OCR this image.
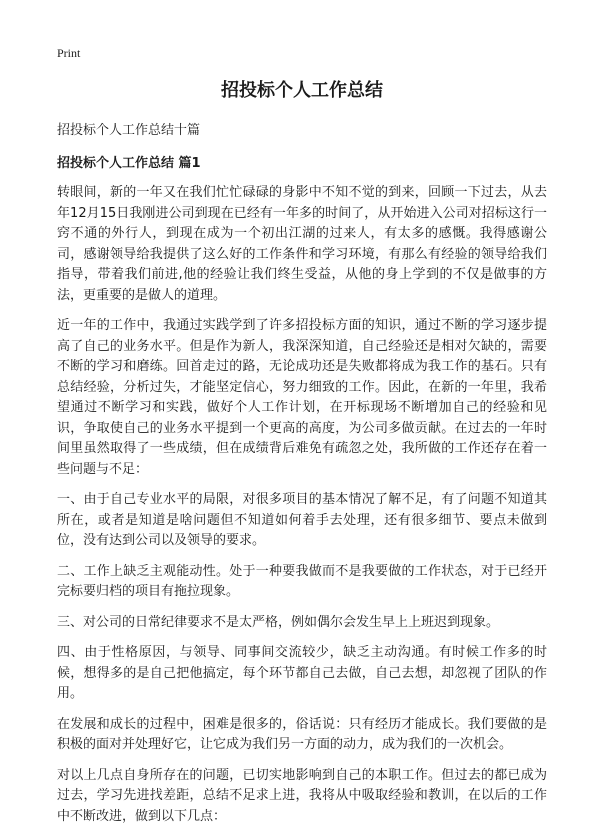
Print
招投标个人工作总结

招投标个人工作总结十篇

招投标个人工作总结 篇1

转眼间，新的一年又在我们忙忙碌碌的身影中不知不觉的到来，回顾一下过去，从去年12月15日我刚进公司到现在已经有一年多的时间了，从开始进入公司对招标这行一窍不通的外行人，到现在成为一个初出江湖的过来人，有太多的感慨。我得感谢公司，感谢领导给我提供了这么好的工作条件和学习环境，有那么有经验的领导给我们指导，带着我们前进,他的经验让我们终生受益，从他的身上学到的不仅是做事的方法，更重要的是做人的道理。

近一年的工作中，我通过实践学到了许多招投标方面的知识，通过不断的学习逐步提高了自己的业务水平。但是作为新人，我深深知道，自己经验还是相对欠缺的，需要不断的学习和磨练。回首走过的路，无论成功还是失败都将成为我工作的基石。只有总结经验，分析过失，才能坚定信心，努力细致的工作。因此，在新的一年里，我希望通过不断学习和实践，做好个人工作计划，在开标现场不断增加自己的经验和见识，争取使自己的业务水平提到一个更高的高度，为公司多做贡献。在过去的一年时间里虽然取得了一些成绩，但在成绩背后难免有疏忽之处，我所做的工作还存在着一些问题与不足：

一、由于自己专业水平的局限，对很多项目的基本情况了解不足，有了问题不知道其所在，或者是知道是啥问题但不知道如何着手去处理，还有很多细节、要点未做到位，没有达到公司以及领导的要求。

二、工作上缺乏主观能动性。处于一种要我做而不是我要做的工作状态，对于已经开完标要归档的项目有拖拉现象。

三、对公司的日常纪律要求不是太严格，例如偶尔会发生早上上班迟到现象。

四、由于性格原因，与领导、同事间交流较少，缺乏主动沟通。有时候工作多的时候，想得多的是自己把他搞定，每个环节都自己去做，自己去想，却忽视了团队的作用。

在发展和成长的过程中，困难是很多的，俗话说：只有经历才能成长。我们要做的是积极的面对并处理好它，让它成为我们另一方面的动力，成为我们的一次机会。

对以上几点自身所存在的问题，已切实地影响到自己的本职工作。但过去的都已成为过去，学习先进找差距，总结不足求上进，我将从中吸取经验和教训，在以后的工作中不断改进，做到以下几点：
